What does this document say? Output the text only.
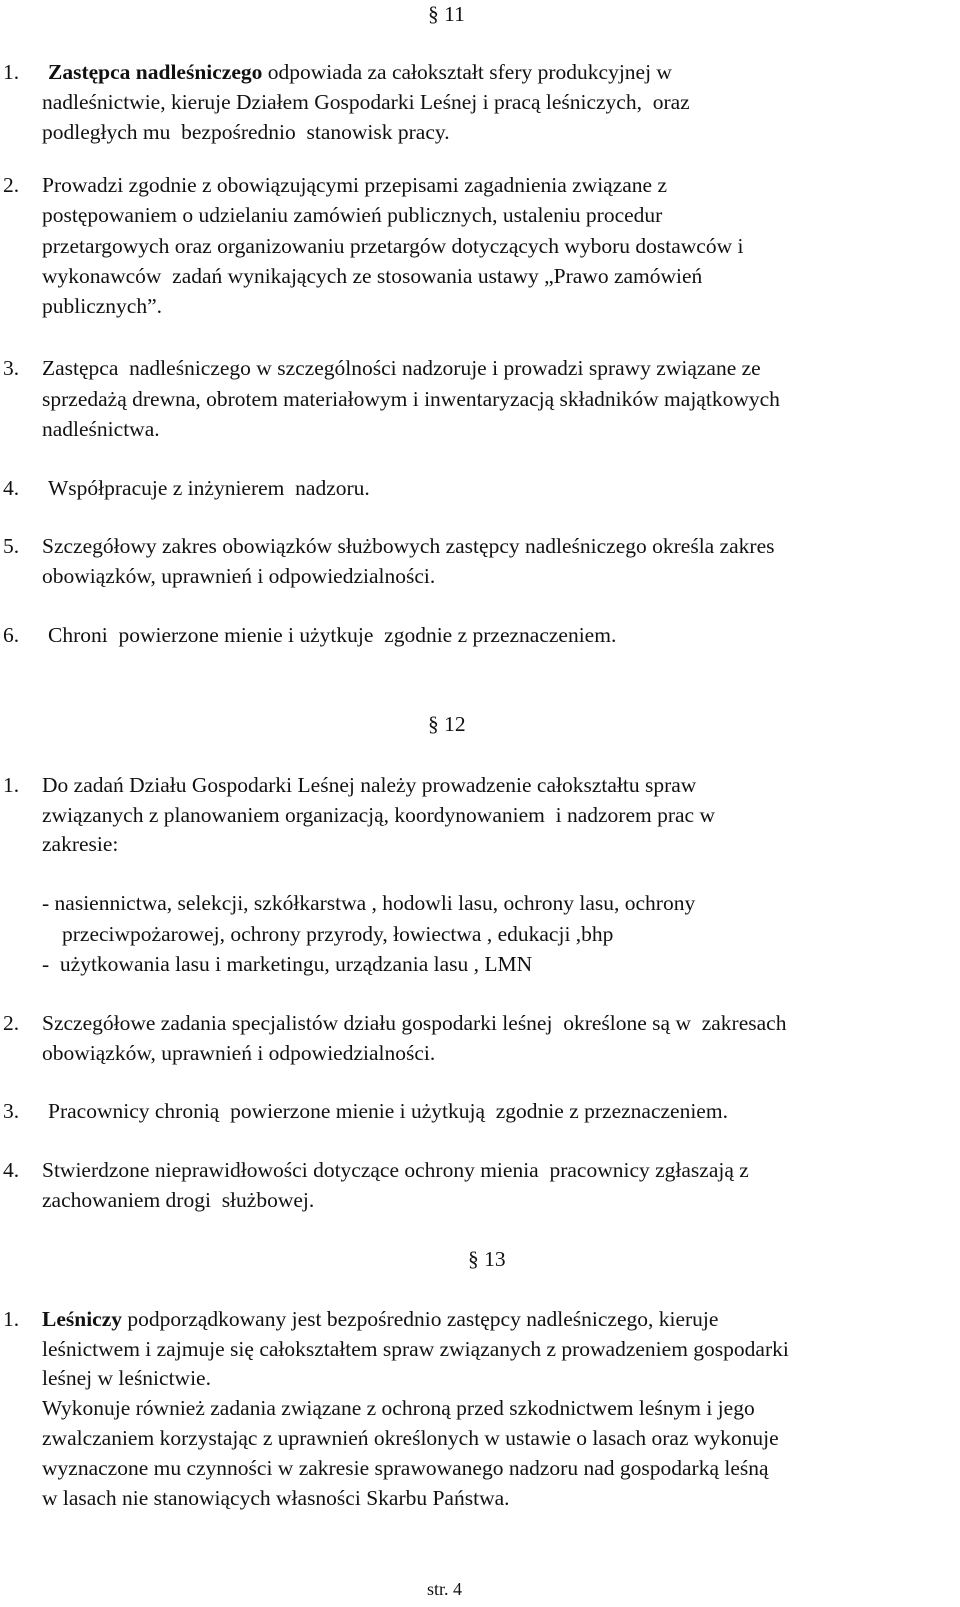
§ 11
1. Zastępca nadleśniczego odpowiada za całokształt sfery produkcyjnej w
nadleśnictwie, kieruje Działem Gospodarki Leśnej i pracą leśniczych,  oraz
podległych mu  bezpośrednio  stanowisk pracy.
2. Prowadzi zgodnie z obowiązującymi przepisami zagadnienia związane z
postępowaniem o udzielaniu zamówień publicznych, ustaleniu procedur
przetargowych oraz organizowaniu przetargów dotyczących wyboru dostawców i
wykonawców  zadań wynikających ze stosowania ustawy „Prawo zamówień
publicznych”.
3. Zastępca  nadleśniczego w szczególności nadzoruje i prowadzi sprawy związane ze
sprzedażą drewna, obrotem materiałowym i inwentaryzacją składników majątkowych
nadleśnictwa.
4. Współpracuje z inżynierem  nadzoru.
5. Szczegółowy zakres obowiązków służbowych zastępcy nadleśniczego określa zakres
obowiązków, uprawnień i odpowiedzialności.
6. Chroni  powierzone mienie i użytkuje  zgodnie z przeznaczeniem.
§ 12
1. Do zadań Działu Gospodarki Leśnej należy prowadzenie całokształtu spraw
związanych z planowaniem organizacją, koordynowaniem  i nadzorem prac w
zakresie:
- nasiennictwa, selekcji, szkółkarstwa , hodowli lasu, ochrony lasu, ochrony
przeciwpożarowej, ochrony przyrody, łowiectwa , edukacji ,bhp
-  użytkowania lasu i marketingu, urządzania lasu , LMN
2. Szczegółowe zadania specjalistów działu gospodarki leśnej  określone są w  zakresach
obowiązków, uprawnień i odpowiedzialności.
3. Pracownicy chronią  powierzone mienie i użytkują  zgodnie z przeznaczeniem.
4. Stwierdzone nieprawidłowości dotyczące ochrony mienia  pracownicy zgłaszają z
zachowaniem drogi  służbowej.
§ 13
1. Leśniczy podporządkowany jest bezpośrednio zastępcy nadleśniczego, kieruje
leśnictwem i zajmuje się całokształtem spraw związanych z prowadzeniem gospodarki
leśnej w leśnictwie.
Wykonuje również zadania związane z ochroną przed szkodnictwem leśnym i jego
zwalczaniem korzystając z uprawnień określonych w ustawie o lasach oraz wykonuje
wyznaczone mu czynności w zakresie sprawowanego nadzoru nad gospodarką leśną
w lasach nie stanowiących własności Skarbu Państwa.
str. 4
